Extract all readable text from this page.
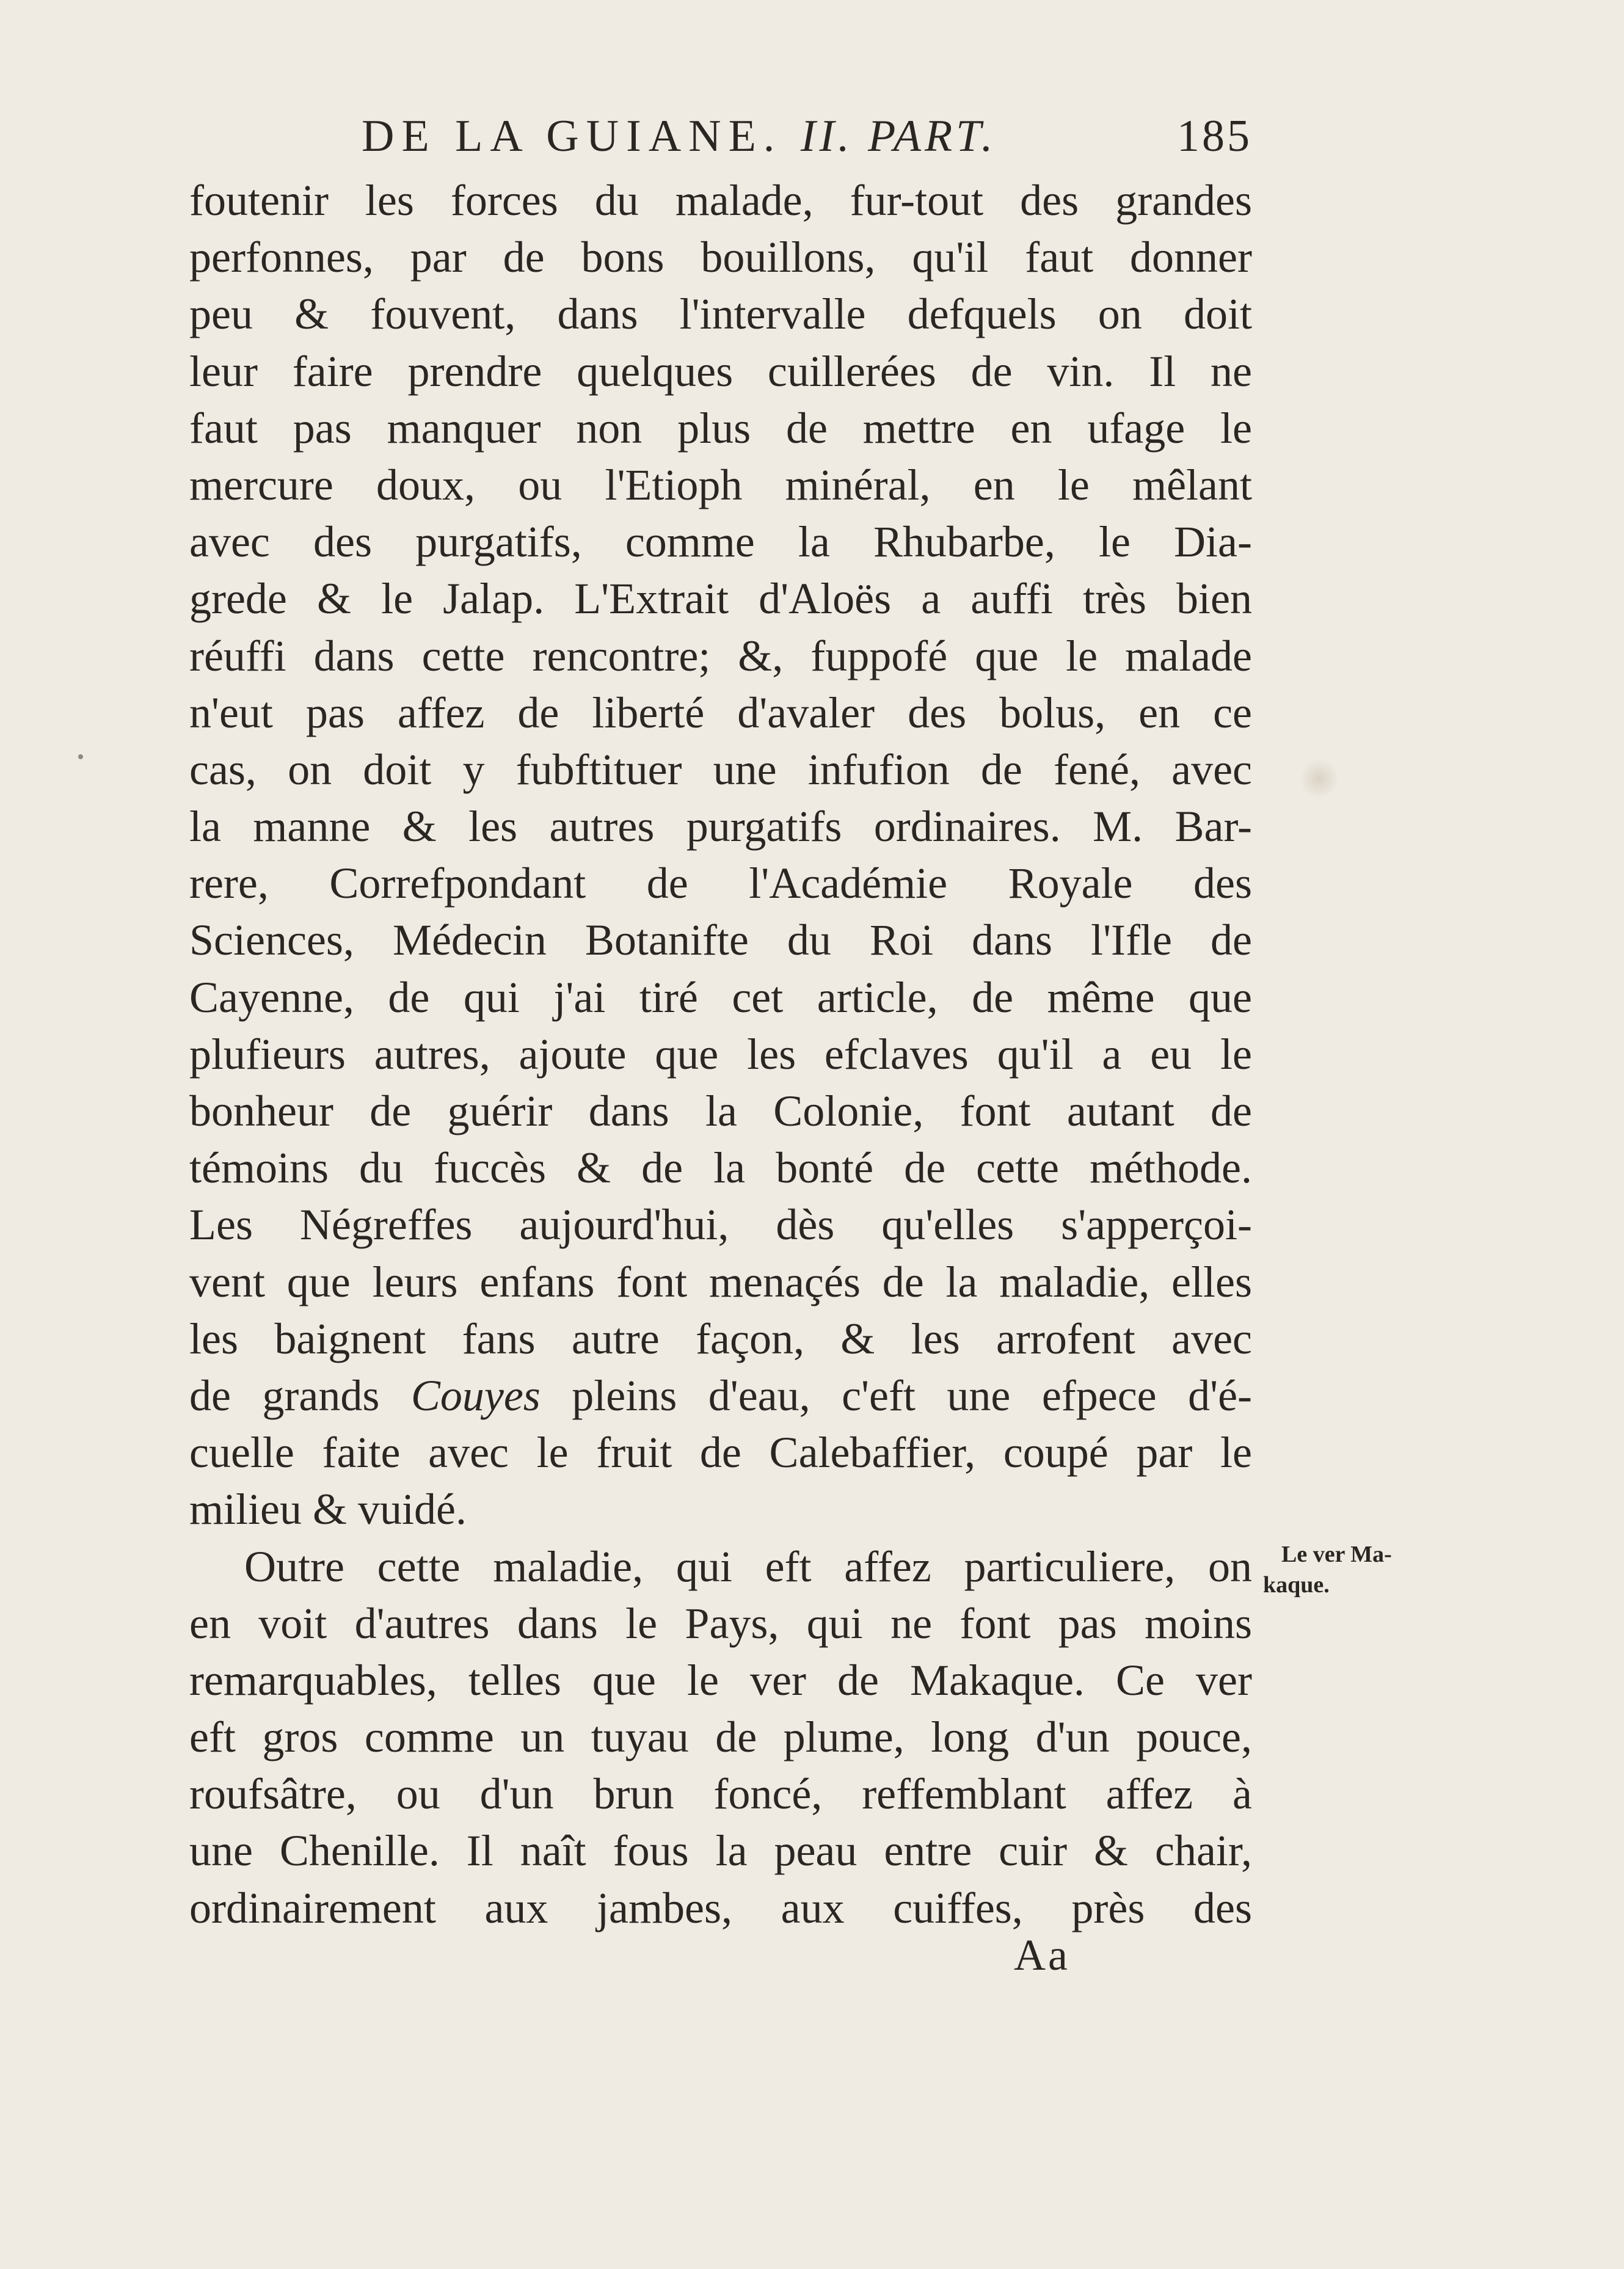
DE LA GUIANE. II. PART.	185
foutenir les forces du malade, fur-tout des grandes
perfonnes, par de bons bouillons, qu'il faut donner
peu & fouvent, dans l'intervalle defquels on doit
leur faire prendre quelques cuillerées de vin. Il ne
faut pas manquer non plus de mettre en ufage le
mercure doux, ou l'Etioph minéral, en le mêlant
avec des purgatifs, comme la Rhubarbe, le Dia-
grede & le Jalap. L'Extrait d'Aloës a auffi très bien
réuffi dans cette rencontre; &, fuppofé que le malade
n'eut pas affez de liberté d'avaler des bolus, en ce
cas, on doit y fubftituer une infufion de fené, avec
la manne & les autres purgatifs ordinaires. M. Bar-
rere, Correfpondant de l'Académie Royale des
Sciences, Médecin Botanifte du Roi dans l'Ifle de
Cayenne, de qui j'ai tiré cet article, de même que
plufieurs autres, ajoute que les efclaves qu'il a eu le
bonheur de guérir dans la Colonie, font autant de
témoins du fuccès & de la bonté de cette méthode.
Les Négreffes aujourd'hui, dès qu'elles s'apperçoi-
vent que leurs enfans font menaçés de la maladie, elles
les baignent fans autre façon, & les arrofent avec
de grands Couyes pleins d'eau, c'eft une efpece d'é-
cuelle faite avec le fruit de Calebaffier, coupé par le
milieu & vuidé.
Outre cette maladie, qui eft affez particuliere, on
en voit d'autres dans le Pays, qui ne font pas moins
remarquables, telles que le ver de Makaque. Ce ver
eft gros comme un tuyau de plume, long d'un pouce,
roufsâtre, ou d'un brun foncé, reffemblant affez à
une Chenille. Il naît fous la peau entre cuir & chair,
ordinairement aux jambes, aux cuiffes, près des
Aa
Le ver Ma-
kaque.
